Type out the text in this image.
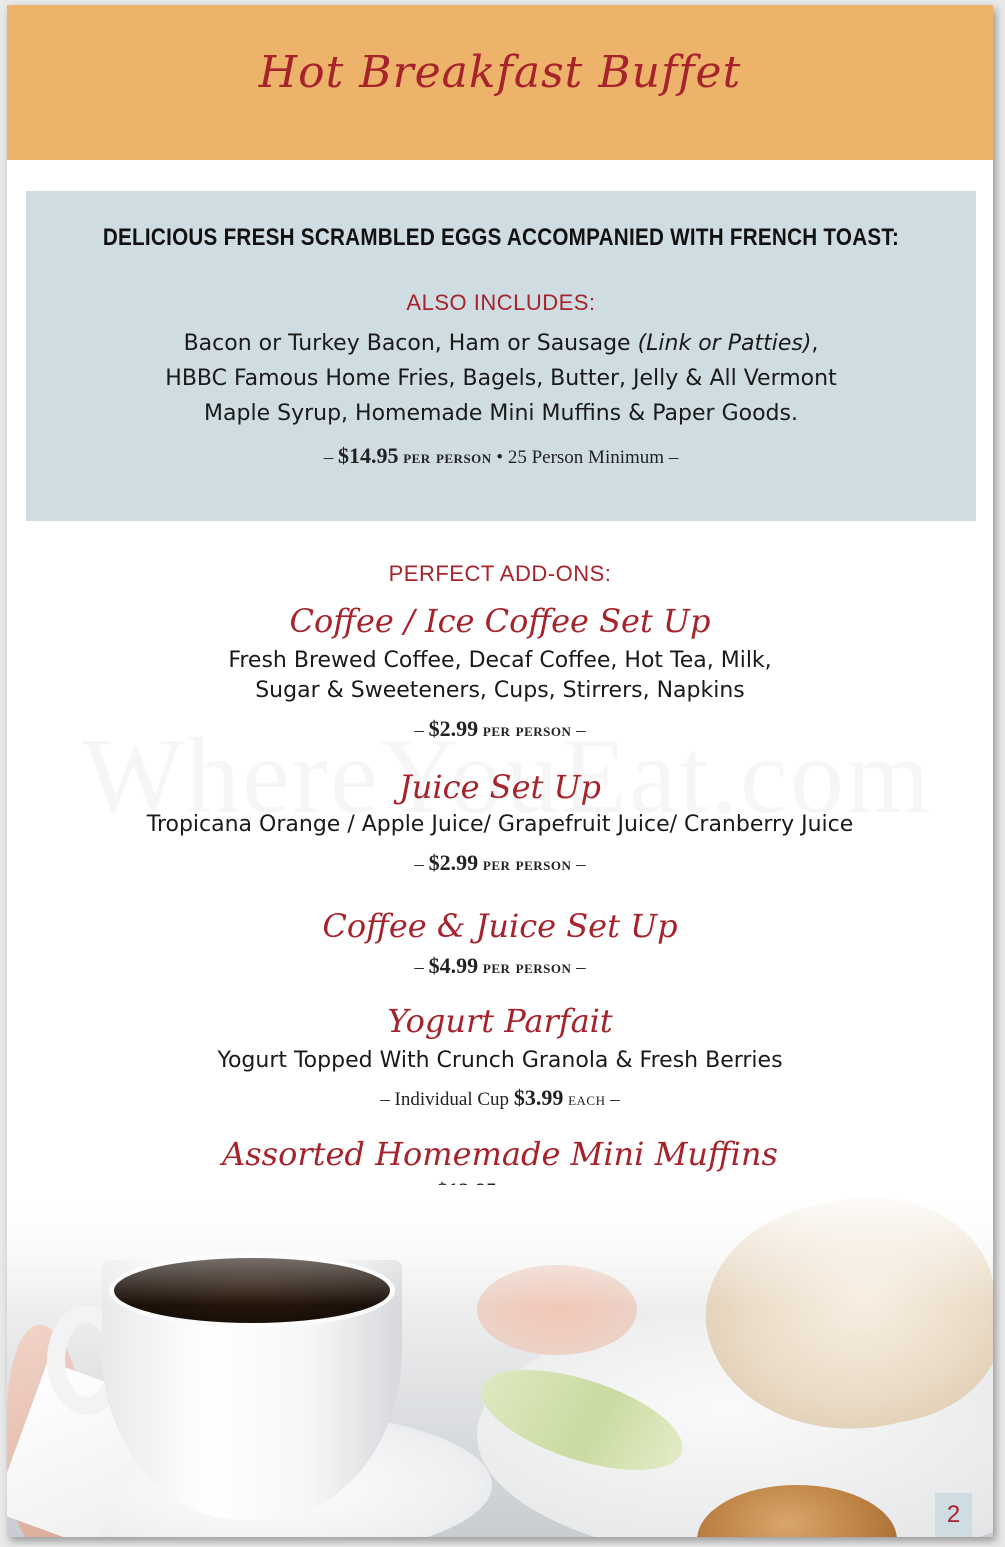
Hot Breakfast Buffet
DELICIOUS FRESH SCRAMBLED EGGS ACCOMPANIED WITH FRENCH TOAST:
ALSO INCLUDES:
Bacon or Turkey Bacon, Ham or Sausage (Link or Patties),
HBBC Famous Home Fries, Bagels, Butter, Jelly & All Vermont
Maple Syrup, Homemade Mini Muffins & Paper Goods.
– $14.95 per person • 25 Person Minimum –
PERFECT ADD-ONS:
Coffee / Ice Coffee Set Up
Fresh Brewed Coffee, Decaf Coffee, Hot Tea, Milk,
Sugar & Sweeteners, Cups, Stirrers, Napkins
– $2.99 per person –
Juice Set Up
Tropicana Orange / Apple Juice/ Grapefruit Juice/ Cranberry Juice
– $2.99 per person –
Coffee & Juice Set Up
– $4.99 per person –
Yogurt Parfait
Yogurt Topped With Crunch Granola & Fresh Berries
– Individual Cup $3.99 each –
Assorted Homemade Mini Muffins
2
